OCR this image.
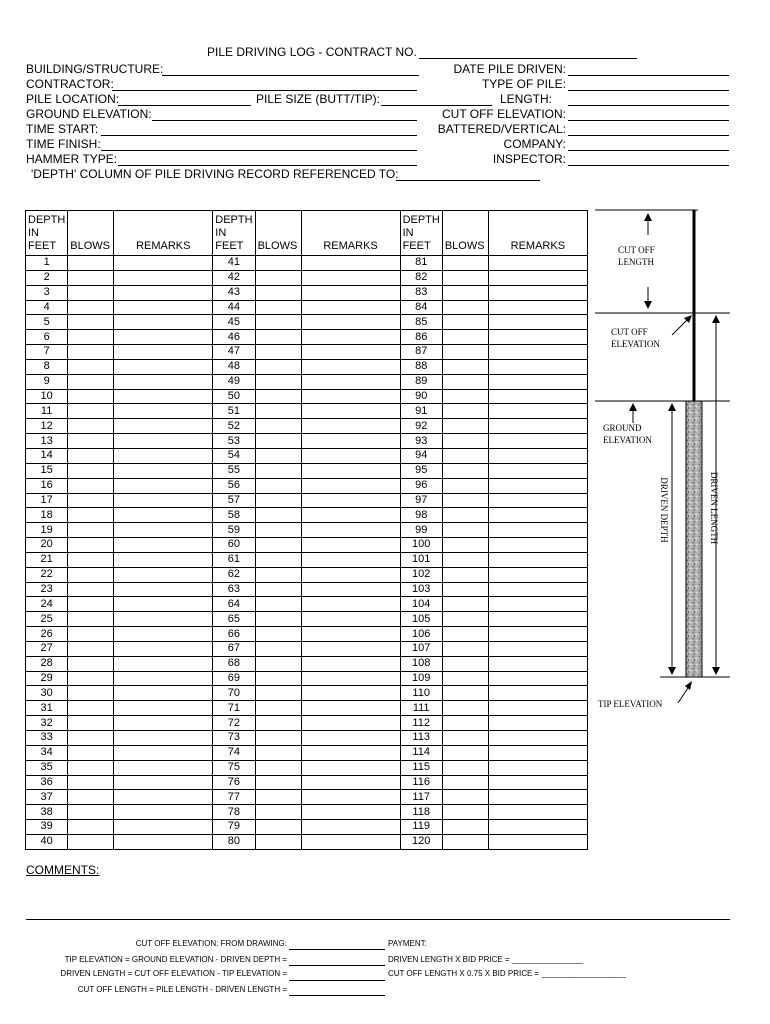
PILE DRIVING LOG - CONTRACT NO.
BUILDING/STRUCTURE:
CONTRACTOR:
PILE LOCATION:	PILE SIZE (BUTT/TIP):
GROUND ELEVATION:
TIME START:
TIME FINISH:
HAMMER TYPE:
DATE PILE DRIVEN:
TYPE OF PILE:
LENGTH:
CUT OFF ELEVATION:
BATTERED/VERTICAL:
COMPANY:
INSPECTOR:
'DEPTH' COLUMN OF PILE DRIVING RECORD REFERENCED TO:
DEPTH
IN
FEET	BLOWS	REMARKS	DEPTH
IN
FEET	BLOWS	REMARKS	DEPTH
IN
FEET	BLOWS	REMARKS
1			41			81		
2			42			82		
3			43			83		
4			44			84		
5			45			85		
6			46			86		
7			47			87		
8			48			88		
9			49			89		
10			50			90		
11			51			91		
12			52			92		
13			53			93		
14			54			94		
15			55			95		
16			56			96		
17			57			97		
18			58			98		
19			59			99		
20			60			100		
21			61			101		
22			62			102		
23			63			103		
24			64			104		
25			65			105		
26			66			106		
27			67			107		
28			68			108		
29			69			109		
30			70			110		
31			71			111		
32			72			112		
33			73			113		
34			74			114		
35			75			115		
36			76			116		
37			77			117		
38			78			118		
39			79			119		
40			80			120		
CUT OFF
LENGTH
CUT OFF
ELEVATION
GROUND
ELEVATION
DRIVEN DEPTH	DRIVEN LENGTH
TIP ELEVATION
COMMENTS:
CUT OFF ELEVATION: FROM DRAWING:
TIP ELEVATION = GROUND ELEVATION - DRIVEN DEPTH =
DRIVEN LENGTH = CUT OFF ELEVATION - TIP ELEVATION =
CUT OFF LENGTH = PILE LENGTH - DRIVEN LENGTH =
PAYMENT:
DRIVEN LENGTH X BID PRICE = ________________
CUT OFF LENGTH X 0.75 X BID PRICE = ___________________
